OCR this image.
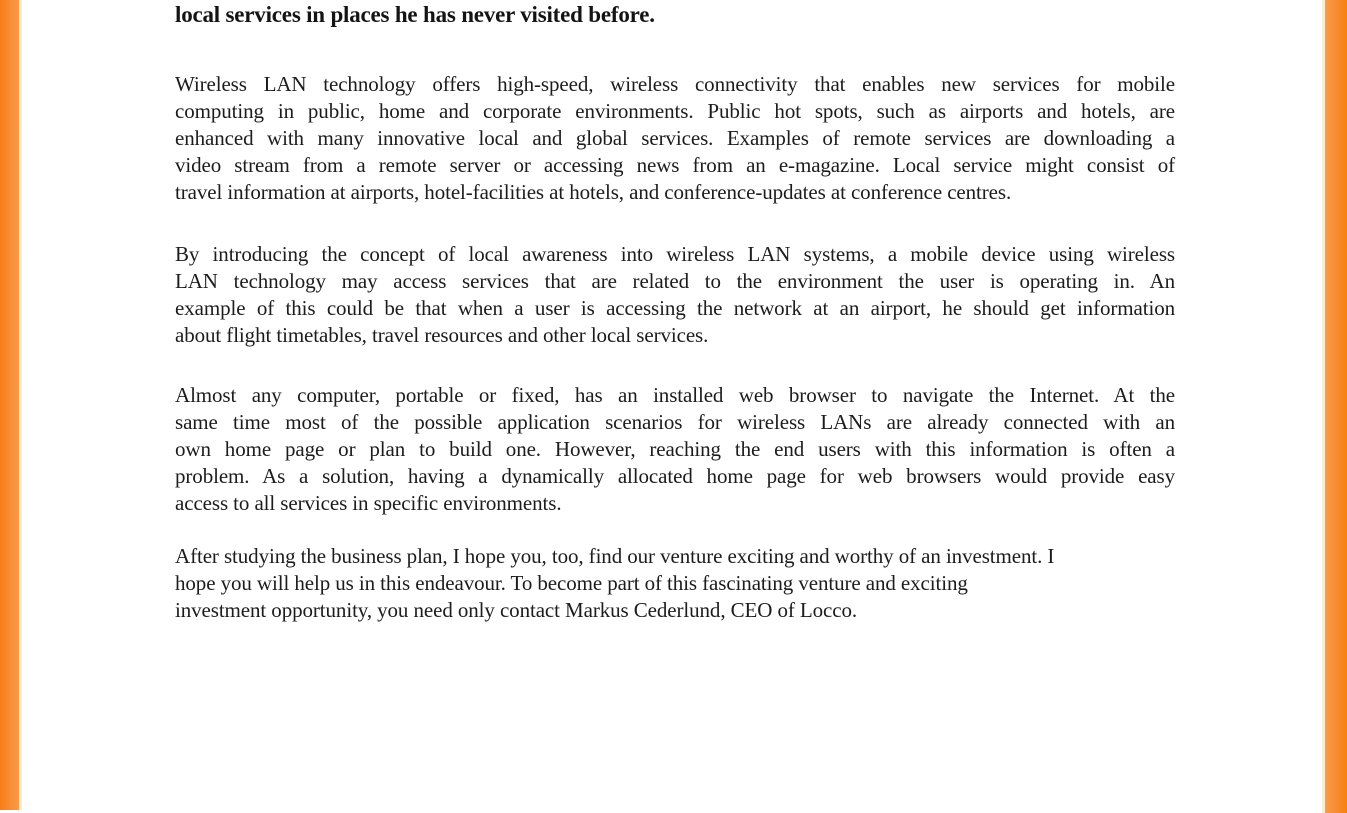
local services in places he has never visited before.
Wireless LAN technology offers high-speed, wireless connectivity that enables new services for mobile
computing in public, home and corporate environments. Public hot spots, such as airports and hotels, are
enhanced with many innovative local and global services. Examples of remote services are downloading a
video stream from a remote server or accessing news from an e-magazine. Local service might consist of
travel information at airports, hotel-facilities at hotels, and conference-updates at conference centres.
By introducing the concept of local awareness into wireless LAN systems, a mobile device using wireless
LAN technology may access services that are related to the environment the user is operating in. An
example of this could be that when a user is accessing the network at an airport, he should get information
about flight timetables, travel resources and other local services.
Almost any computer, portable or fixed, has an installed web browser to navigate the Internet. At the
same time most of the possible application scenarios for wireless LANs are already connected with an
own home page or plan to build one. However, reaching the end users with this information is often a
problem. As a solution, having a dynamically allocated home page for web browsers would provide easy
access to all services in specific environments.
After studying the business plan, I hope you, too, find our venture exciting and worthy of an investment. I
hope you will help us in this endeavour. To become part of this fascinating venture and exciting
investment opportunity, you need only contact Markus Cederlund, CEO of Locco.
